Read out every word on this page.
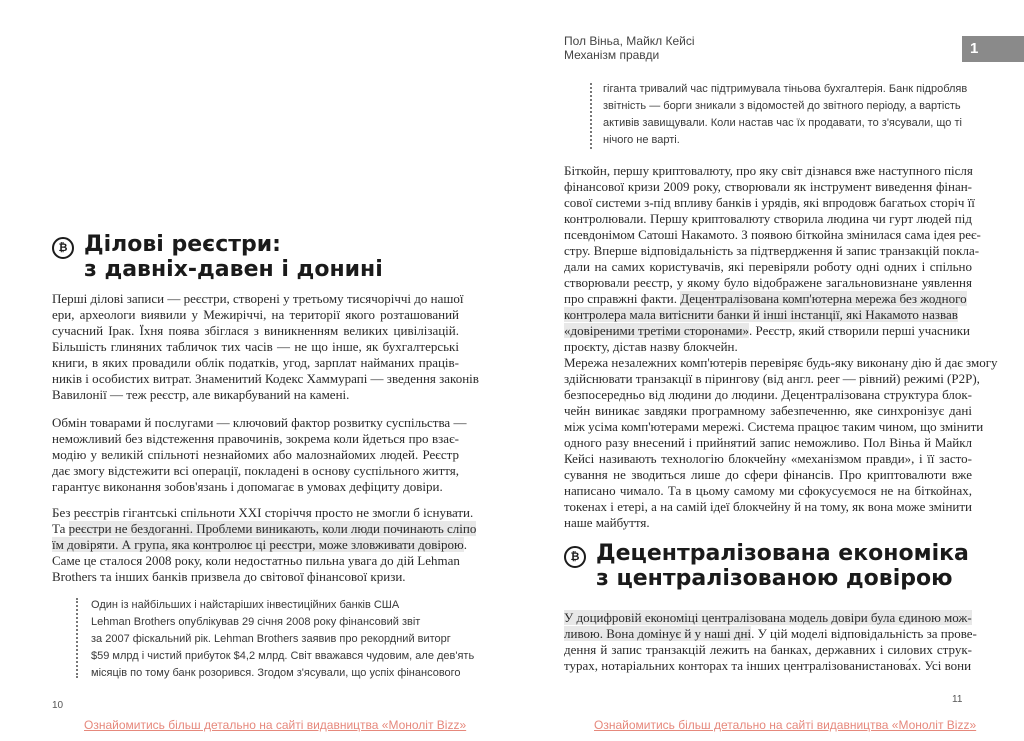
₿ Ділові реєстри:
з давніх-давен і донині
Перші ділові записи — реєстри, створені у третьому тисячоріччі до нашої
ери, археологи виявили у Межиріччі, на території якого розташований
сучасний Ірак. Їхня поява збіглася з виникненням великих цивілізацій.
Більшість глиняних табличок тих часів — не що інше, як бухгалтерські
книги, в яких провадили облік податків, угод, зарплат найманих праців-
ників і особистих витрат. Знаменитий Кодекс Хаммурапі — зведення законів
Вавилонії — теж реєстр, але викарбуваний на камені.
Обмін товарами й послугами — ключовий фактор розвитку суспільства —
неможливий без відстеження правочинів, зокрема коли йдеться про взає-
модію у великій спільноті незнайомих або малознайомих людей. Реєстр
дає змогу відстежити всі операції, покладені в основу суспільного життя,
гарантує виконання зобов'язань і допомагає в умовах дефіциту довіри.
Без реєстрів гігантські спільноти XXI сторіччя просто не змогли б існувати.
Та реєстри не бездоганні. Проблеми виникають, коли люди починають сліпо
їм довіряти. А група, яка контролює ці реєстри, може зловживати довірою.
Саме це сталося 2008 року, коли недостатньо пильна увага до дій Lehman
Brothers та інших банків призвела до світової фінансової кризи.
Один із найбільших і найстаріших інвестиційних банків США
Lehman Brothers опублікував 29 січня 2008 року фінансовий звіт
за 2007 фіскальний рік. Lehman Brothers заявив про рекордний виторг
$59 млрд і чистий прибуток $4,2 млрд. Світ вважався чудовим, але дев'ять
місяців по тому банк розорився. Згодом з'ясували, що успіх фінансового
10
Ознайомитись більш детально на сайті видавництва «Моноліт Bizz»
Пол Віньа, Майкл Кейсі
Механізм правди	1
гіганта тривалий час підтримувала тіньова бухгалтерія. Банк підробляв
звітність — борги зникали з відомостей до звітного періоду, а вартість
активів завищували. Коли настав час їх продавати, то з'ясували, що ті
нічого не варті.
Біткойн, першу криптовалюту, про яку світ дізнався вже наступного після
фінансової кризи 2009 року, створювали як інструмент виведення фінан-
сової системи з-під впливу банків і урядів, які впродовж багатьох сторіч її
контролювали. Першу криптовалюту створила людина чи гурт людей під
псевдонімом Сатоші Накамото. З появою біткойна змінилася сама ідея реє-
стру. Вперше відповідальність за підтвердження й запис транзакцій покла-
дали на самих користувачів, які перевіряли роботу одні одних і спільно
створювали реєстр, у якому було відображене загальновизнане уявлення
про справжні факти. Децентралізована комп'ютерна мережа без жодного
контролера мала витіснити банки й інші інстанції, які Накамото назвав
«довіреними третіми сторонами». Реєстр, який створили перші учасники
проєкту, дістав назву блокчейн.
Мережа незалежних комп'ютерів перевіряє будь-яку виконану дію й дає змогу
здійснювати транзакції в пірингову (від англ. peer — рівний) режимі (P2P),
безпосередньо від людини до людини. Децентралізована структура блок-
чейн виникає завдяки програмному забезпеченню, яке синхронізує дані
між усіма комп'ютерами мережі. Система працює таким чином, що змінити
одного разу внесений і прийнятий запис неможливо. Пол Віньа й Майкл
Кейсі називають технологію блокчейну «механізмом правди», і її засто-
сування не зводиться лише до сфери фінансів. Про криптовалюти вже
написано чимало. Та в цьому самому ми сфокусуємося не на біткойнах,
токенах і етері, а на самій ідеї блокчейну й на тому, як вона може змінити
наше майбуття.
₿ Децентралізована економіка
з централізованою довірою
У доцифровій економіці централізована модель довіри була єдиною мож-
ливою. Вона домінує й у наші дні. У цій моделі відповідальність за прове-
дення й запис транзакцій лежить на банках, державних і силових струк-
турах, нотаріальних конторах та інших централізованистанова́х. Усі вони
11
Ознайомитись більш детально на сайті видавництва «Моноліт Bizz»
